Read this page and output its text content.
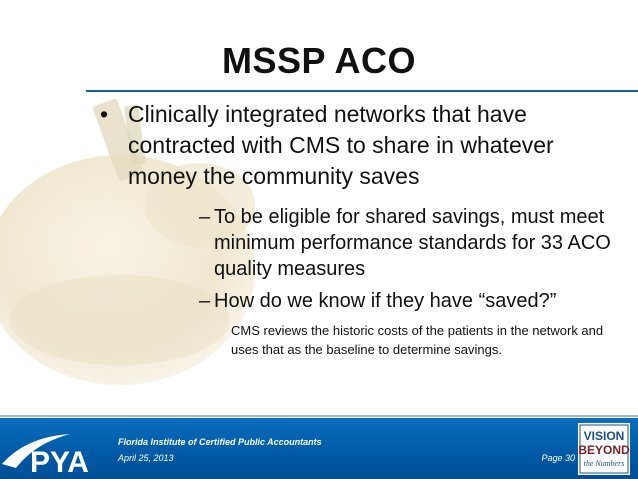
MSSP ACO
• Clinically integrated networks that have contracted with CMS to share in whatever money the community saves
– To be eligible for shared savings, must meet minimum performance standards for 33 ACO quality measures
– How do we know if they have “saved?”
CMS reviews the historic costs of the patients in the network and uses that as the baseline to determine savings.
PYA
Florida Institute of Certified Public Accountants
April 25, 2013	Page 30
VISION
BEYOND
the Numbers
